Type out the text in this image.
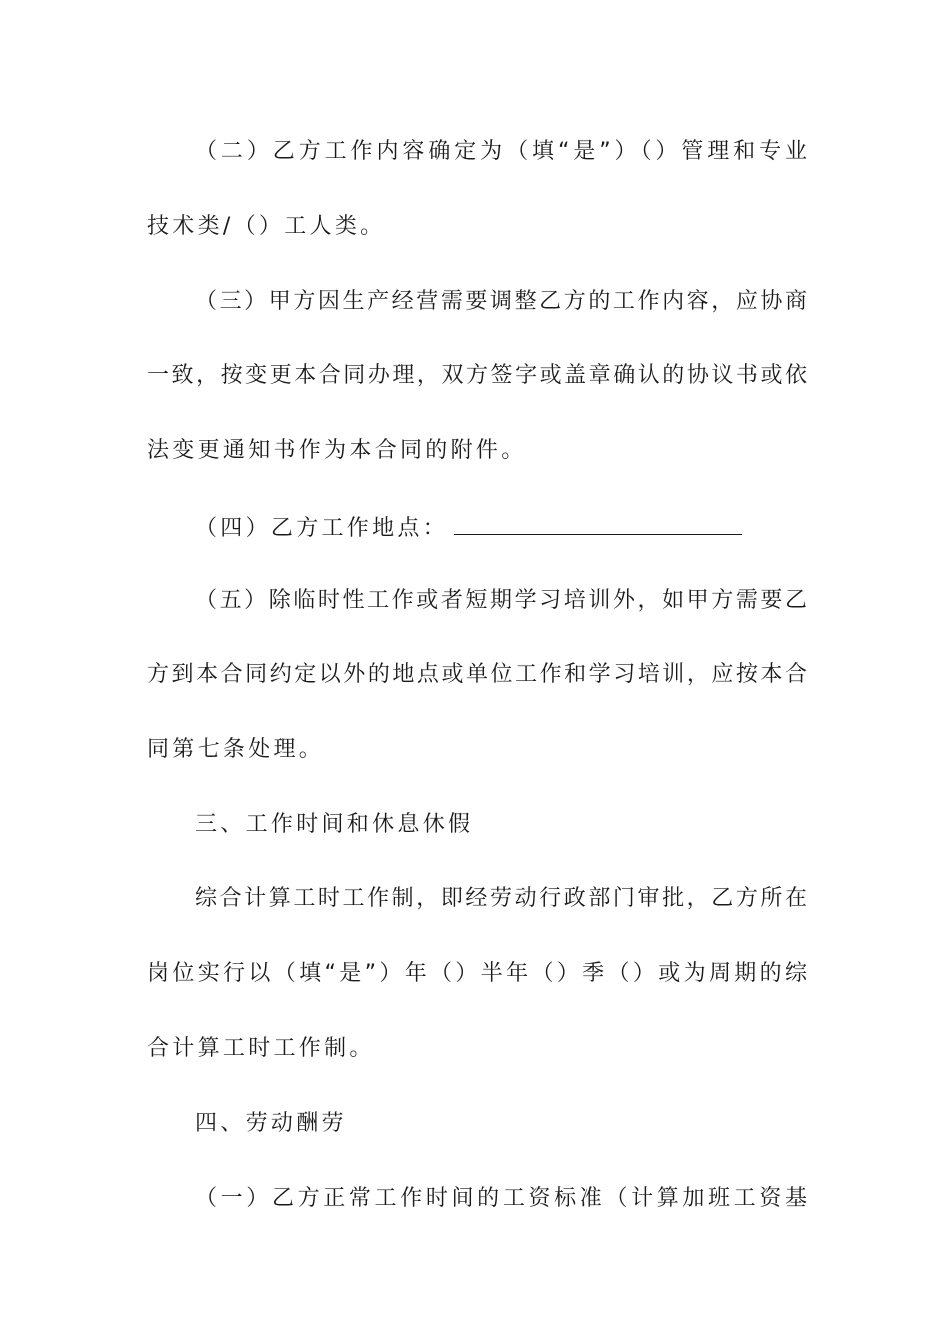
（二）乙方工作内容确定为（填“是”）（）管理和专业
技术类/（）工人类。
（三）甲方因生产经营需要调整乙方的工作内容，应协商
一致，按变更本合同办理，双方签字或盖章确认的协议书或依
法变更通知书作为本合同的附件。
（四）乙方工作地点：
（五）除临时性工作或者短期学习培训外，如甲方需要乙
方到本合同约定以外的地点或单位工作和学习培训，应按本合
同第七条处理。
三、工作时间和休息休假
综合计算工时工作制，即经劳动行政部门审批，乙方所在
岗位实行以（填“是”）年（）半年（）季（）或为周期的综
合计算工时工作制。
四、劳动酬劳
（一）乙方正常工作时间的工资标准（计算加班工资基
